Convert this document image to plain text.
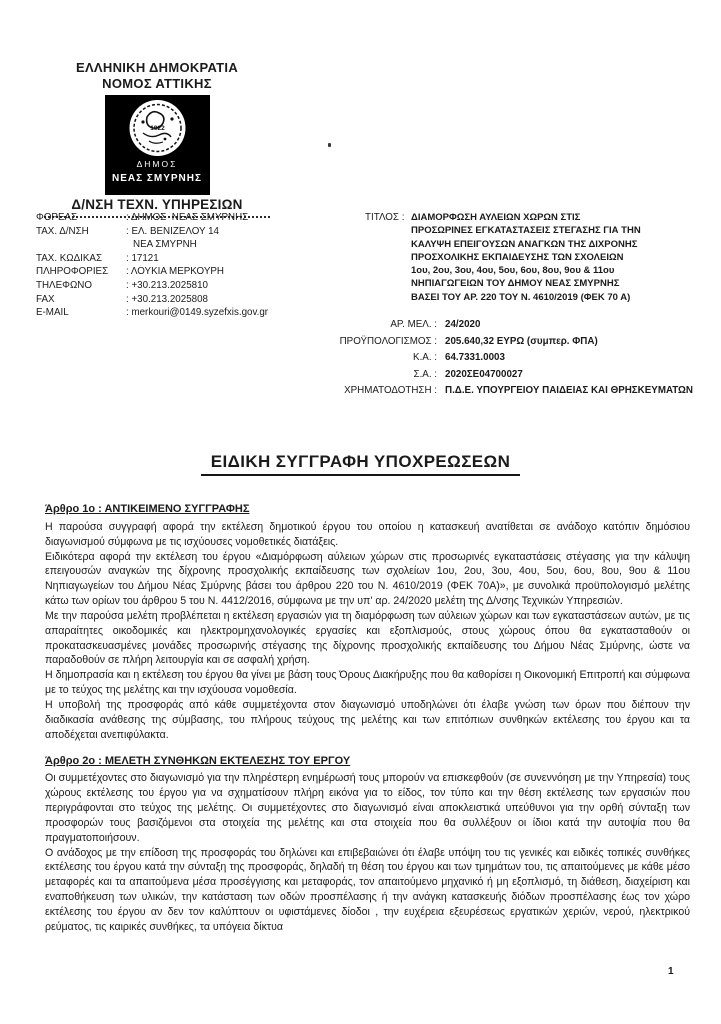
ΕΛΛΗΝΙΚΗ ΔΗΜΟΚΡΑΤΙΑ
ΝΟΜΟΣ ΑΤΤΙΚΗΣ
1922
ΔΗΜΟΣ
ΝΕΑΣ ΣΜΥΡΝΗΣ
Δ/ΝΣΗ ΤΕΧΝ. ΥΠΗΡΕΣΙΩΝ
ΦΟΡΕΑΣ	: ΔΗΜΟΣ  ΝΕΑΣ ΣΜΥΡΝΗΣ
ΤΑΧ. Δ/ΝΣΗ	: ΕΛ. ΒΕΝΙΖΕΛΟΥ 14
ΝΕΑ ΣΜΥΡΝΗ
ΤΑΧ. ΚΩΔΙΚΑΣ	: 17121
ΠΛΗΡΟΦΟΡΙΕΣ	: ΛΟΥΚΙΑ ΜΕΡΚΟΥΡΗ
ΤΗΛΕΦΩΝΟ	: +30.213.2025810
FAX	: +30.213.2025808
E-MAIL	: merkouri@0149.syzefxis.gov.gr
ΤΙΤΛΟΣ : ΔΙΑΜΟΡΦΩΣΗ ΑΥΛΕΙΩΝ ΧΩΡΩΝ ΣΤΙΣ
ΠΡΟΣΩΡΙΝΕΣ ΕΓΚΑΤΑΣΤΑΣΕΙΣ ΣΤΕΓΑΣΗΣ ΓΙΑ ΤΗΝ
ΚΑΛΥΨΗ ΕΠΕΙΓΟΥΣΩΝ ΑΝΑΓΚΩΝ ΤΗΣ ΔΙΧΡΟΝΗΣ
ΠΡΟΣΧΟΛΙΚΗΣ ΕΚΠΑΙΔΕΥΣΗΣ ΤΩΝ ΣΧΟΛΕΙΩΝ
1ου, 2ου, 3ου, 4ου, 5ου, 6ου, 8ου, 9ου & 11ου
ΝΗΠΙΑΓΩΓΕΙΩΝ ΤΟΥ ΔΗΜΟΥ ΝΕΑΣ ΣΜΥΡΝΗΣ
ΒΑΣΕΙ ΤΟΥ ΑΡ. 220 ΤΟΥ Ν. 4610/2019 (ΦΕΚ 70 Α)
ΑΡ. ΜΕΛ. : 24/2020
ΠΡΟΫΠΟΛΟΓΙΣΜΟΣ : 205.640,32 ΕΥΡΩ (συμπερ. ΦΠΑ)
Κ.Α. : 64.7331.0003
Σ.Α. : 2020ΣΕ04700027
ΧΡΗΜΑΤΟΔΟΤΗΣΗ : Π.Δ.Ε. ΥΠΟΥΡΓΕΙΟΥ ΠΑΙΔΕΙΑΣ ΚΑΙ ΘΡΗΣΚΕΥΜΑΤΩΝ
ΕΙΔΙΚΗ ΣΥΓΓΡΑΦΗ ΥΠΟΧΡΕΩΣΕΩΝ
Άρθρο 1ο : ΑΝΤΙΚΕΙΜΕΝΟ ΣΥΓΓΡΑΦΗΣ

Η παρούσα συγγραφή αφορά την εκτέλεση δημοτικού έργου του οποίου η κατασκευή ανατίθεται σε ανάδοχο κατόπιν δημόσιου διαγωνισμού σύμφωνα με τις ισχύουσες νομοθετικές διατάξεις.

Ειδικότερα αφορά την εκτέλεση του έργου «Διαμόρφωση αύλειων χώρων στις προσωρινές εγκαταστάσεις στέγασης για την κάλυψη επειγουσών αναγκών της δίχρονης προσχολικής εκπαίδευσης των σχολείων 1ου, 2ου, 3ου, 4ου, 5ου, 6ου, 8ου, 9ου & 11ου Νηπιαγωγείων του Δήμου Νέας Σμύρνης βάσει του άρθρου 220 του Ν. 4610/2019 (ΦΕΚ 70Α)», με συνολικά προϋπολογισμό μελέτης κάτω των ορίων του άρθρου 5 του Ν. 4412/2016, σύμφωνα με την υπ' αρ. 24/2020 μελέτη της Δ/νσης Τεχνικών Υπηρεσιών.

Με την παρούσα μελέτη προβλέπεται η εκτέλεση εργασιών για τη διαμόρφωση των αύλειων χώρων και των εγκαταστάσεων αυτών, με τις απαραίτητες οικοδομικές και ηλεκτρομηχανολογικές εργασίες και εξοπλισμούς, στους χώρους όπου θα εγκατασταθούν οι προκατασκευασμένες μονάδες προσωρινής στέγασης της δίχρονης προσχολικής εκπαίδευσης του Δήμου Νέας Σμύρνης, ώστε να παραδοθούν σε πλήρη λειτουργία και σε ασφαλή χρήση.

Η δημοπρασία και η εκτέλεση του έργου θα γίνει με βάση τους Όρους Διακήρυξης που θα καθορίσει η Οικονομική Επιτροπή και σύμφωνα με το τεύχος της μελέτης και την ισχύουσα νομοθεσία.

Η υποβολή της προσφοράς από κάθε συμμετέχοντα στον διαγωνισμό υποδηλώνει ότι έλαβε γνώση των όρων που διέπουν την διαδικασία ανάθεσης της σύμβασης, του πλήρους τεύχους της μελέτης και των επιτόπιων συνθηκών εκτέλεσης του έργου και τα αποδέχεται ανεπιφύλακτα.

Άρθρο 2ο : ΜΕΛΕΤΗ ΣΥΝΘΗΚΩΝ ΕΚΤΕΛΕΣΗΣ ΤΟΥ ΕΡΓΟΥ

Οι συμμετέχοντες στο διαγωνισμό για την πληρέστερη ενημέρωσή τους μπορούν να επισκεφθούν (σε συνεννόηση με την Υπηρεσία) τους χώρους εκτέλεσης του έργου για να σχηματίσουν πλήρη εικόνα για το είδος, τον τύπο και την θέση εκτέλεσης των εργασιών που περιγράφονται στο τεύχος της μελέτης. Οι συμμετέχοντες στο διαγωνισμό είναι αποκλειστικά υπεύθυνοι για την ορθή σύνταξη των προσφορών τους βασιζόμενοι στα στοιχεία της μελέτης και στα στοιχεία που θα συλλέξουν οι ίδιοι κατά την αυτοψία που θα πραγματοποιήσουν.

Ο ανάδοχος με την επίδοση της προσφοράς του δηλώνει και επιβεβαιώνει ότι έλαβε υπόψη του τις γενικές και ειδικές τοπικές συνθήκες εκτέλεσης του έργου κατά την σύνταξη της προσφοράς, δηλαδή τη θέση του έργου και των τμημάτων του, τις απαιτούμενες με κάθε μέσο μεταφορές και τα απαιτούμενα μέσα προσέγγισης και μεταφοράς, τον απαιτούμενο μηχανικό ή μη εξοπλισμό, τη διάθεση, διαχείριση και εναποθήκευση των υλικών, την κατάσταση των οδών προσπέλασης ή την ανάγκη κατασκευής διόδων προσπέλασης έως τον χώρο εκτέλεσης του έργου αν δεν τον καλύπτουν οι υφιστάμενες δίοδοι , την ευχέρεια εξευρέσεως εργατικών χεριών, νερού, ηλεκτρικού ρεύματος, τις καιρικές συνθήκες, τα υπόγεια δίκτυα

1
